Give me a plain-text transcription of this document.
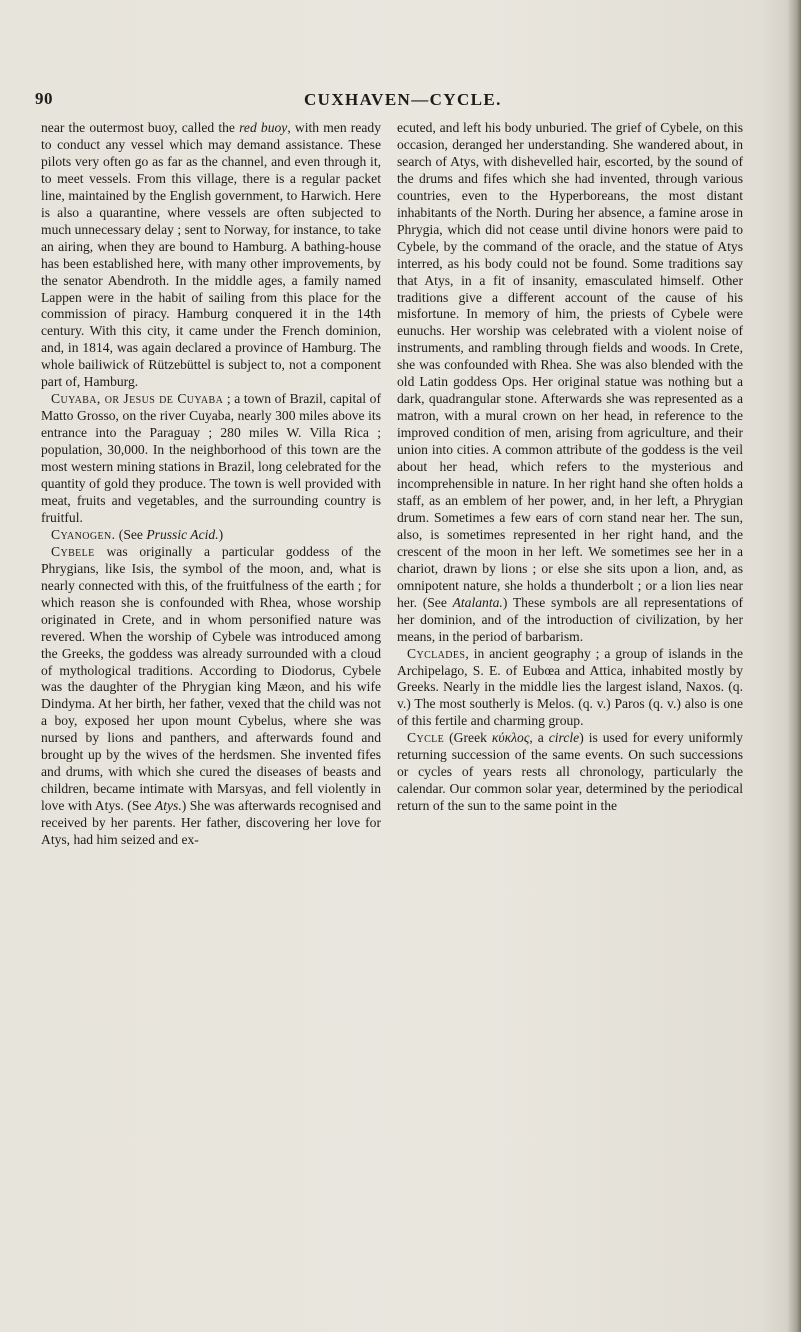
90	CUXHAVEN—CYCLE.

near the outermost buoy, called the red buoy, with men ready to conduct any vessel which may demand assistance. These pilots very often go as far as the channel, and even through it, to meet vessels. From this village, there is a regular packet line, maintained by the English government, to Harwich. Here is also a quarantine, where vessels are often subjected to much unnecessary delay ; sent to Norway, for instance, to take an airing, when they are bound to Hamburg. A bathing-house has been established here, with many other improvements, by the senator Abendroth. In the middle ages, a family named Lappen were in the habit of sailing from this place for the commission of piracy. Hamburg conquered it in the 14th century. With this city, it came under the French dominion, and, in 1814, was again declared a province of Hamburg. The whole bailiwick of Rützebüttel is subject to, not a component part of, Hamburg.

Cuyaba, or Jesus de Cuyaba ; a town of Brazil, capital of Matto Grosso, on the river Cuyaba, nearly 300 miles above its entrance into the Paraguay ; 280 miles W. Villa Rica ; population, 30,000. In the neighborhood of this town are the most western mining stations in Brazil, long celebrated for the quantity of gold they produce. The town is well provided with meat, fruits and vegetables, and the surrounding country is fruitful.

Cyanogen. (See Prussic Acid.)

Cybele was originally a particular goddess of the Phrygians, like Isis, the symbol of the moon, and, what is nearly connected with this, of the fruitfulness of the earth ; for which reason she is confounded with Rhea, whose worship originated in Crete, and in whom personified nature was revered. When the worship of Cybele was introduced among the Greeks, the goddess was already surrounded with a cloud of mythological traditions. According to Diodorus, Cybele was the daughter of the Phrygian king Mæon, and his wife Dindyma. At her birth, her father, vexed that the child was not a boy, exposed her upon mount Cybelus, where she was nursed by lions and panthers, and afterwards found and brought up by the wives of the herdsmen. She invented fifes and drums, with which she cured the diseases of beasts and children, became intimate with Marsyas, and fell violently in love with Atys. (See Atys.) She was afterwards recognised and received by her parents. Her father, discovering her love for Atys, had him seized and ex-

ecuted, and left his body unburied. The grief of Cybele, on this occasion, deranged her understanding. She wandered about, in search of Atys, with dishevelled hair, escorted, by the sound of the drums and fifes which she had invented, through various countries, even to the Hyperboreans, the most distant inhabitants of the North. During her absence, a famine arose in Phrygia, which did not cease until divine honors were paid to Cybele, by the command of the oracle, and the statue of Atys interred, as his body could not be found. Some traditions say that Atys, in a fit of insanity, emasculated himself. Other traditions give a different account of the cause of his misfortune. In memory of him, the priests of Cybele were eunuchs. Her worship was celebrated with a violent noise of instruments, and rambling through fields and woods. In Crete, she was confounded with Rhea. She was also blended with the old Latin goddess Ops. Her original statue was nothing but a dark, quadrangular stone. Afterwards she was represented as a matron, with a mural crown on her head, in reference to the improved condition of men, arising from agriculture, and their union into cities. A common attribute of the goddess is the veil about her head, which refers to the mysterious and incomprehensible in nature. In her right hand she often holds a staff, as an emblem of her power, and, in her left, a Phrygian drum. Sometimes a few ears of corn stand near her. The sun, also, is sometimes represented in her right hand, and the crescent of the moon in her left. We sometimes see her in a chariot, drawn by lions ; or else she sits upon a lion, and, as omnipotent nature, she holds a thunderbolt ; or a lion lies near her. (See Atalanta.) These symbols are all representations of her dominion, and of the introduction of civilization, by her means, in the period of barbarism.

Cyclades, in ancient geography ; a group of islands in the Archipelago, S. E. of Eubœa and Attica, inhabited mostly by Greeks. Nearly in the middle lies the largest island, Naxos. (q. v.) The most southerly is Melos. (q. v.) Paros (q. v.) also is one of this fertile and charming group.

Cycle (Greek κύκλος, a circle) is used for every uniformly returning succession of the same events. On such successions or cycles of years rests all chronology, particularly the calendar. Our common solar year, determined by the periodical return of the sun to the same point in the
